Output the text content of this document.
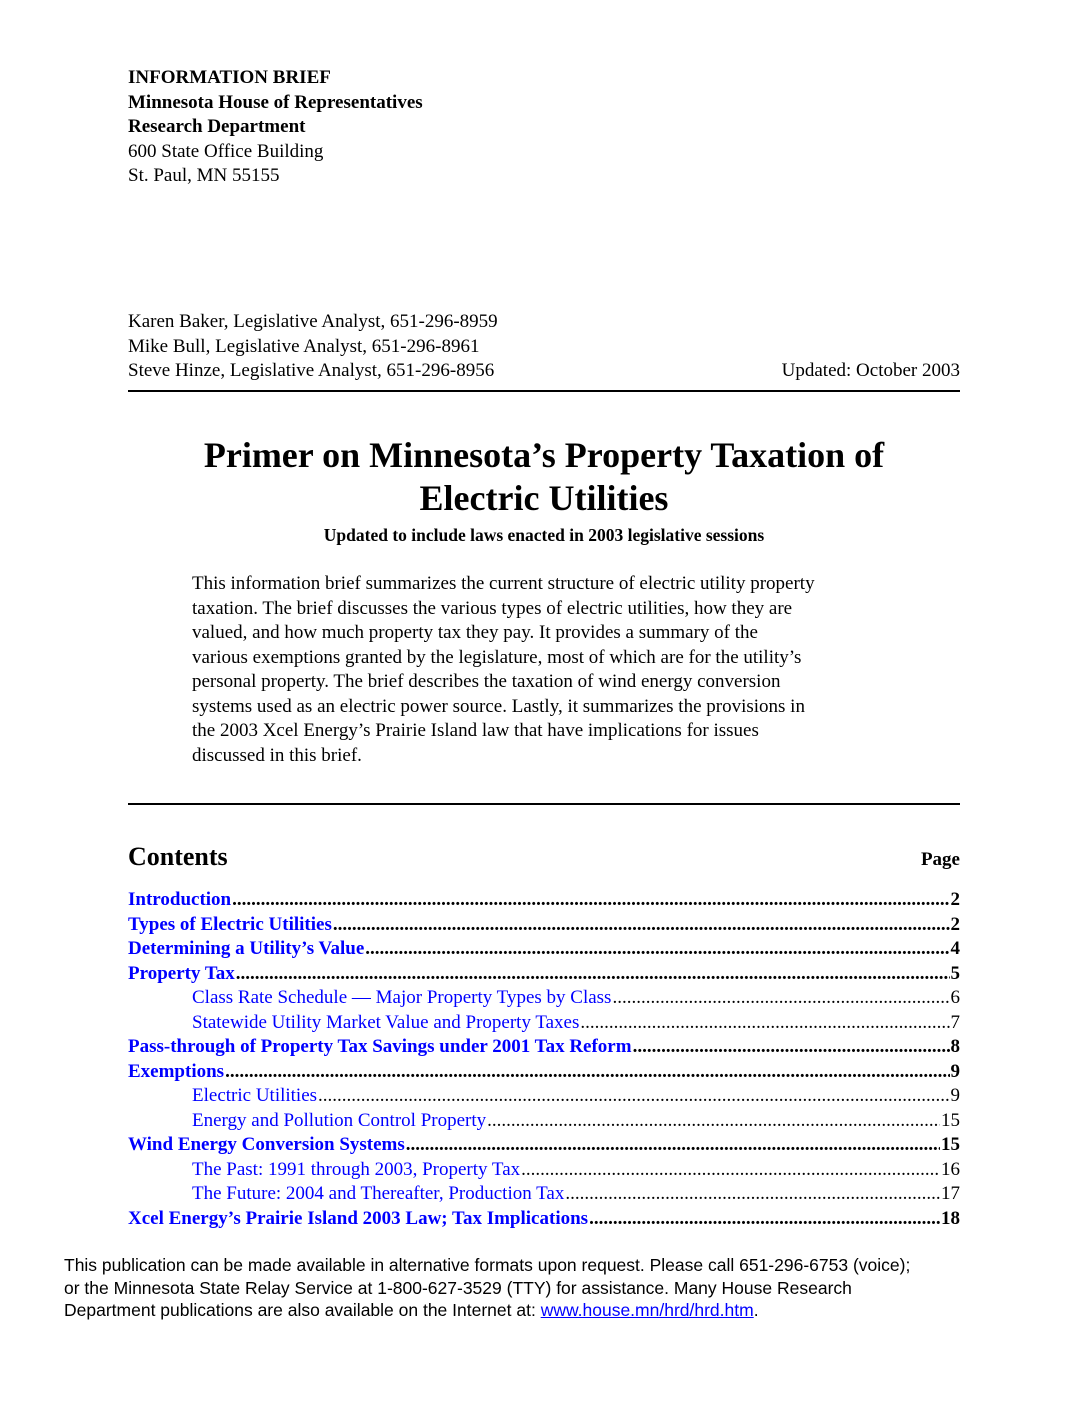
INFORMATION BRIEF
Minnesota House of Representatives
Research Department
600 State Office Building
St. Paul, MN 55155
Karen Baker, Legislative Analyst, 651-296-8959
Mike Bull, Legislative Analyst, 651-296-8961
Steve Hinze, Legislative Analyst, 651-296-8956	Updated: October 2003
Primer on Minnesota’s Property Taxation of
Electric Utilities
Updated to include laws enacted in 2003 legislative sessions
This information brief summarizes the current structure of electric utility property
taxation. The brief discusses the various types of electric utilities, how they are
valued, and how much property tax they pay. It provides a summary of the
various exemptions granted by the legislature, most of which are for the utility’s
personal property. The brief describes the taxation of wind energy conversion
systems used as an electric power source. Lastly, it summarizes the provisions in
the 2003 Xcel Energy’s Prairie Island law that have implications for issues
discussed in this brief.
Contents	Page
Introduction .....	2
Types of Electric Utilities .....	2
Determining a Utility’s Value .....	4
Property Tax .....	5
Class Rate Schedule — Major Property Types by Class .....	6
Statewide Utility Market Value and Property Taxes .....	7
Pass-through of Property Tax Savings under 2001 Tax Reform .....	8
Exemptions .....	9
Electric Utilities .....	9
Energy and Pollution Control Property .....	15
Wind Energy Conversion Systems .....	15
The Past: 1991 through 2003, Property Tax .....	16
The Future: 2004 and Thereafter, Production Tax .....	17
Xcel Energy’s Prairie Island 2003 Law; Tax Implications .....	18
This publication can be made available in alternative formats upon request. Please call 651-296-6753 (voice);
or the Minnesota State Relay Service at 1-800-627-3529 (TTY) for assistance. Many House Research
Department publications are also available on the Internet at: www.house.mn/hrd/hrd.htm.
